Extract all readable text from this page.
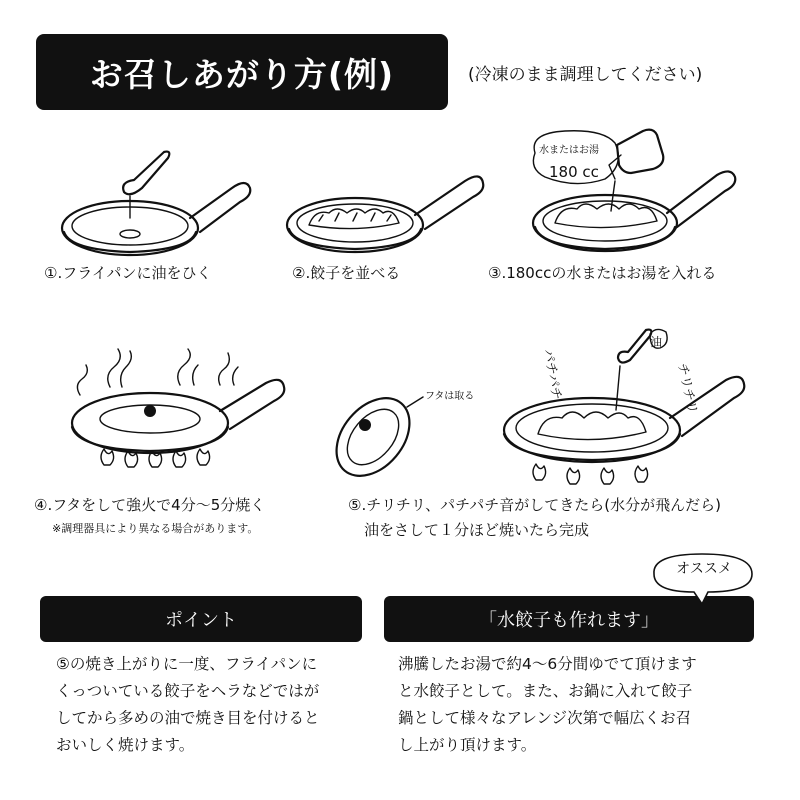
お召しあがり方(例)	(冷凍のまま調理してください)
①.フライパンに油をひく	②.餃子を並べる
水またはお湯
180 cc
③.180ccの水またはお湯を入れる
④.フタをして強火で4分〜5分焼く
※調理器具により異なる場合があります。
フタは取る
油
パチパチ	チリチリ
⑤.チリチリ、パチパチ音がしてきたら(水分が飛んだら)
油をさして１分ほど焼いたら完成
ポイント
⑤の焼き上がりに一度、フライパンに
くっついている餃子をヘラなどではが
してから多めの油で焼き目を付けると
おいしく焼けます。
「水餃子も作れます」
オススメ
沸騰したお湯で約4〜6分間ゆでて頂けます
と水餃子として。また、お鍋に入れて餃子
鍋として様々なアレンジ次第で幅広くお召
し上がり頂けます。
